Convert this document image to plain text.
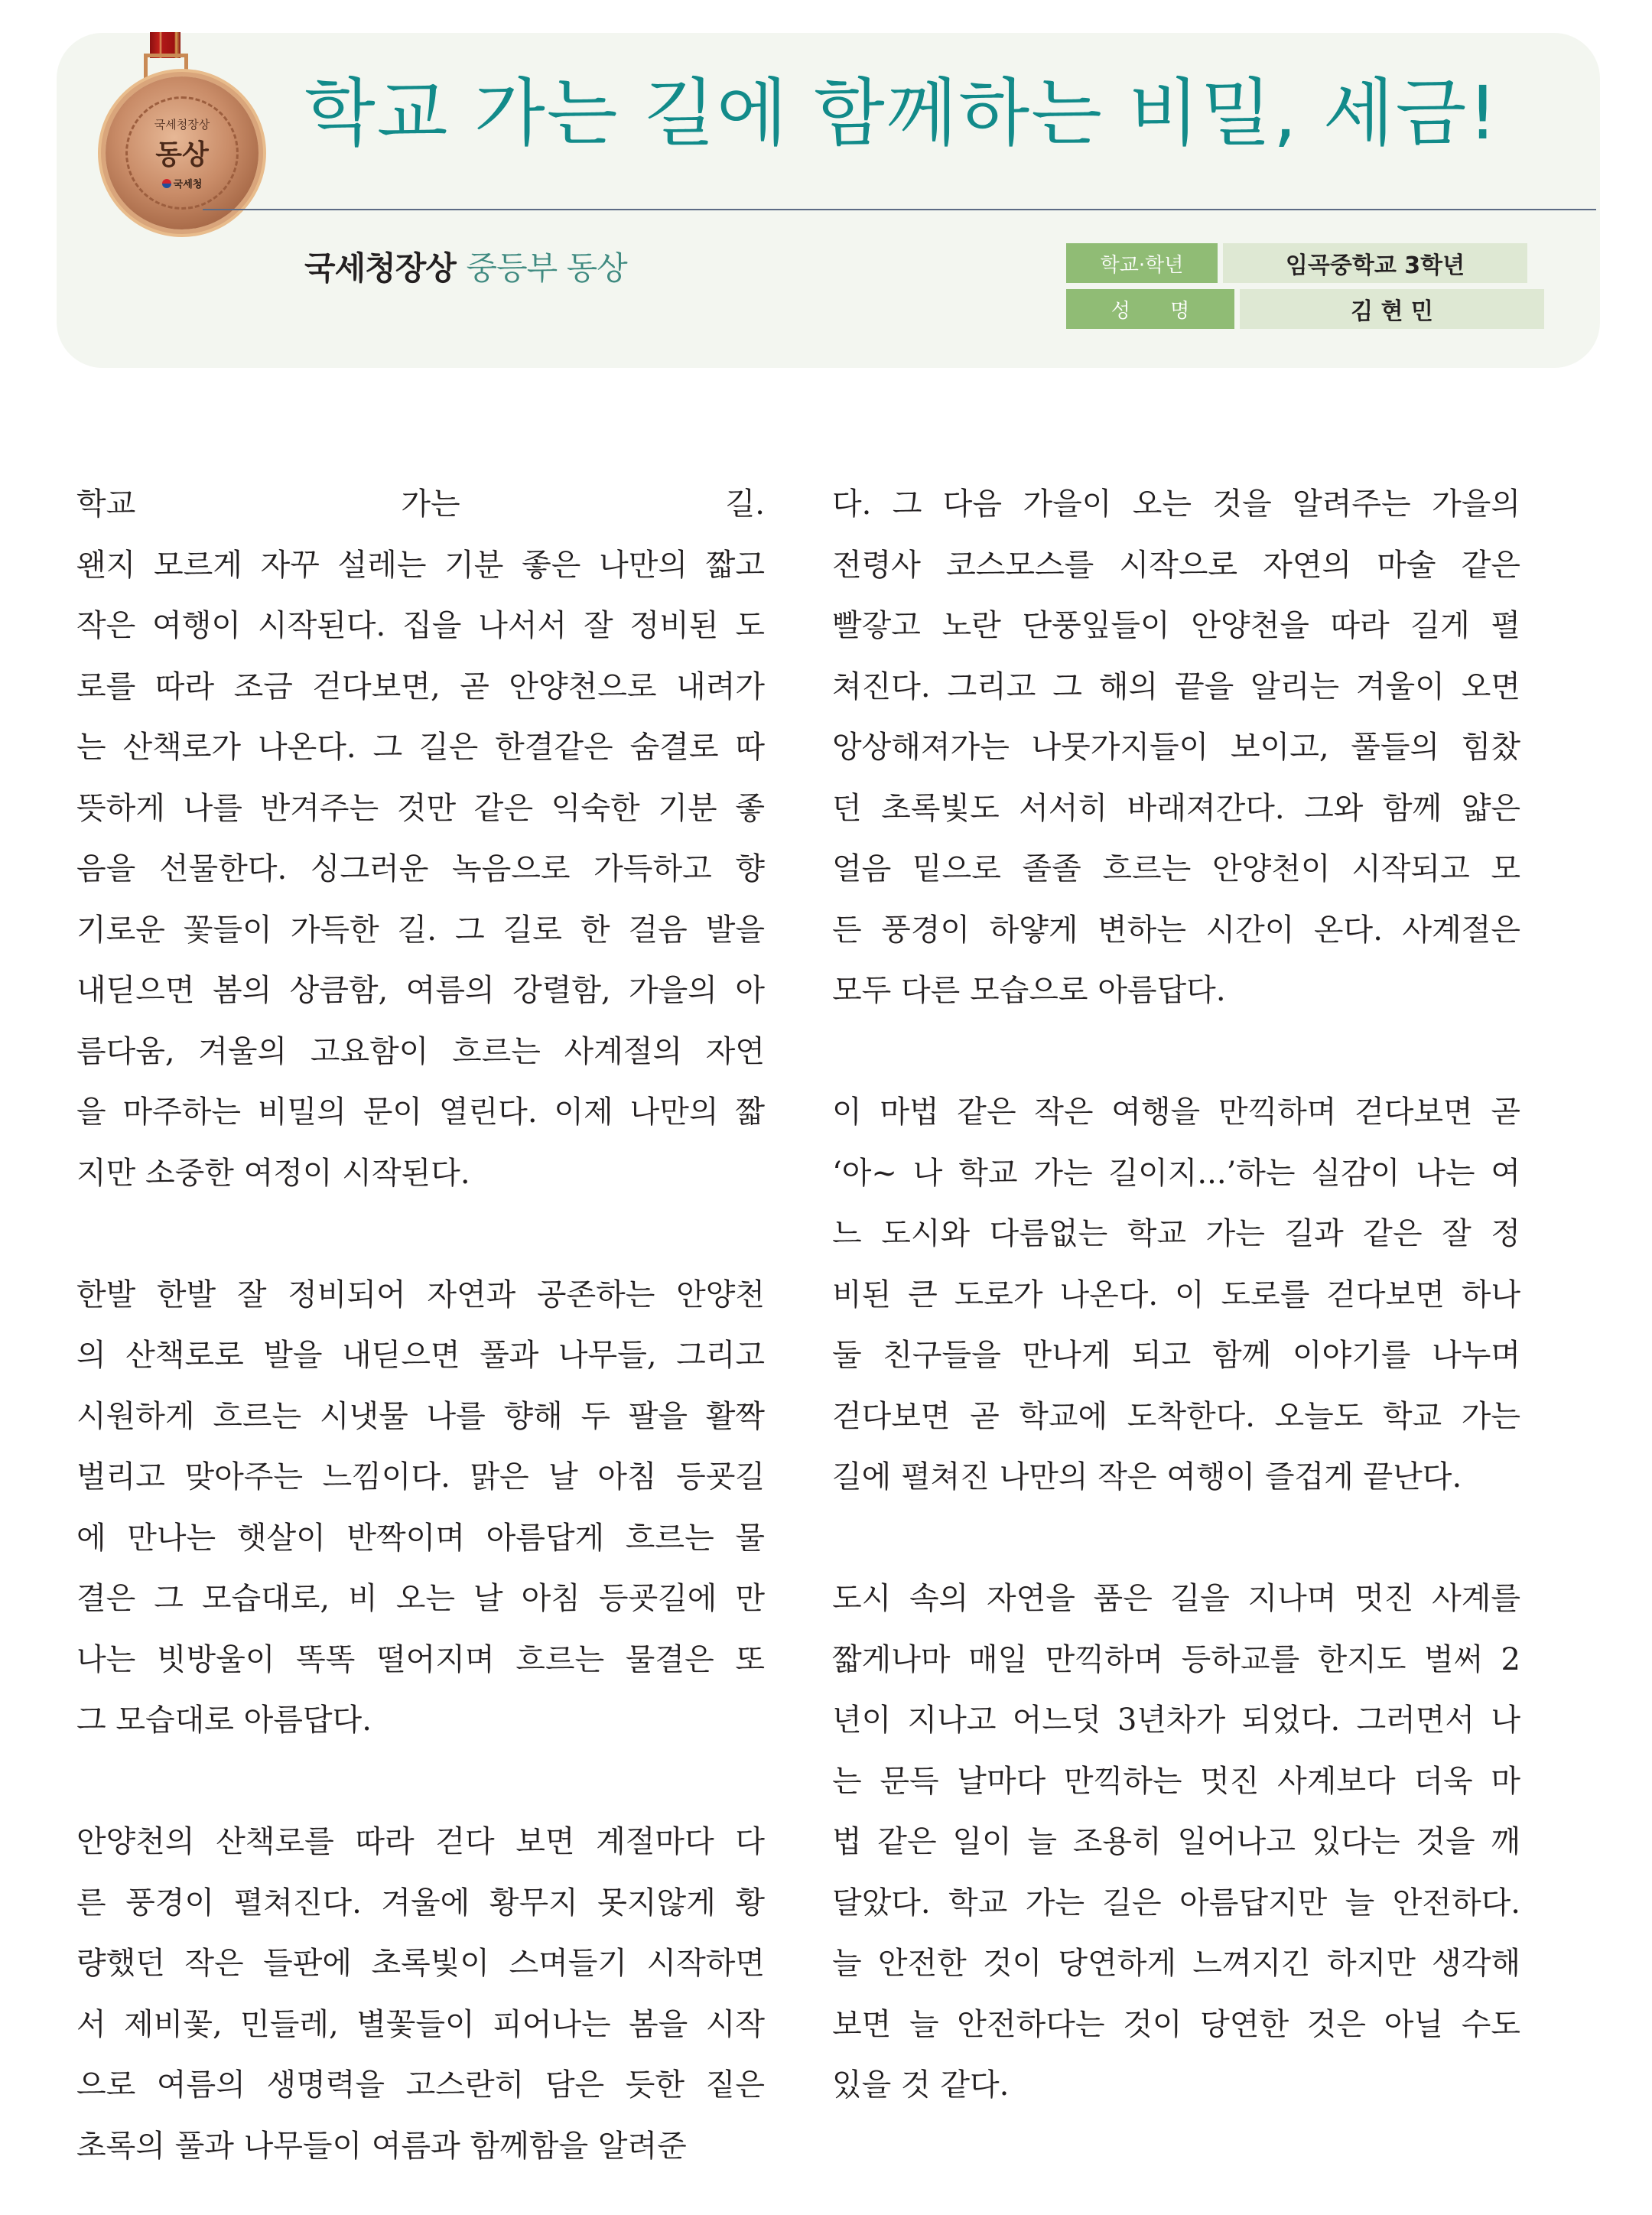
국세청장상
동상
국세청
학교 가는 길에 함께하는 비밀, 세금!
국세청장상 중등부 동상	학교·학년	임곡중학교 3학년
성 명	김 현 민
학교 가는 길.
왠지 모르게 자꾸 설레는 기분 좋은 나만의 짧고
작은 여행이 시작된다. 집을 나서서 잘 정비된 도
로를 따라 조금 걷다보면, 곧 안양천으로 내려가
는 산책로가 나온다. 그 길은 한결같은 숨결로 따
뜻하게 나를 반겨주는 것만 같은 익숙한 기분 좋
음을 선물한다. 싱그러운 녹음으로 가득하고 향
기로운 꽃들이 가득한 길. 그 길로 한 걸음 발을
내딛으면 봄의 상큼함, 여름의 강렬함, 가을의 아
름다움, 겨울의 고요함이 흐르는 사계절의 자연
을 마주하는 비밀의 문이 열린다. 이제 나만의 짧
지만 소중한 여정이 시작된다.
한발 한발 잘 정비되어 자연과 공존하는 안양천
의 산책로로 발을 내딛으면 풀과 나무들, 그리고
시원하게 흐르는 시냇물 나를 향해 두 팔을 활짝
벌리고 맞아주는 느낌이다. 맑은 날 아침 등굣길
에 만나는 햇살이 반짝이며 아름답게 흐르는 물
결은 그 모습대로, 비 오는 날 아침 등굣길에 만
나는 빗방울이 똑똑 떨어지며 흐르는 물결은 또
그 모습대로 아름답다.
안양천의 산책로를 따라 걷다 보면 계절마다 다
른 풍경이 펼쳐진다. 겨울에 황무지 못지않게 황
량했던 작은 들판에 초록빛이 스며들기 시작하면
서 제비꽃, 민들레, 별꽃들이 피어나는 봄을 시작
으로 여름의 생명력을 고스란히 담은 듯한 짙은
초록의 풀과 나무들이 여름과 함께함을 알려준
다. 그 다음 가을이 오는 것을 알려주는 가을의
전령사 코스모스를 시작으로 자연의 마술 같은
빨갛고 노란 단풍잎들이 안양천을 따라 길게 펼
쳐진다. 그리고 그 해의 끝을 알리는 겨울이 오면
앙상해져가는 나뭇가지들이 보이고, 풀들의 힘찼
던 초록빛도 서서히 바래져간다. 그와 함께 얇은
얼음 밑으로 졸졸 흐르는 안양천이 시작되고 모
든 풍경이 하얗게 변하는 시간이 온다. 사계절은
모두 다른 모습으로 아름답다.
이 마법 같은 작은 여행을 만끽하며 걷다보면 곧
‘아~ 나 학교 가는 길이지...’하는 실감이 나는 여
느 도시와 다름없는 학교 가는 길과 같은 잘 정
비된 큰 도로가 나온다. 이 도로를 걷다보면 하나
둘 친구들을 만나게 되고 함께 이야기를 나누며
걷다보면 곧 학교에 도착한다. 오늘도 학교 가는
길에 펼쳐진 나만의 작은 여행이 즐겁게 끝난다.
도시 속의 자연을 품은 길을 지나며 멋진 사계를
짧게나마 매일 만끽하며 등하교를 한지도 벌써 2
년이 지나고 어느덧 3년차가 되었다. 그러면서 나
는 문득 날마다 만끽하는 멋진 사계보다 더욱 마
법 같은 일이 늘 조용히 일어나고 있다는 것을 깨
달았다. 학교 가는 길은 아름답지만 늘 안전하다.
늘 안전한 것이 당연하게 느껴지긴 하지만 생각해
보면 늘 안전하다는 것이 당연한 것은 아닐 수도
있을 것 같다.
